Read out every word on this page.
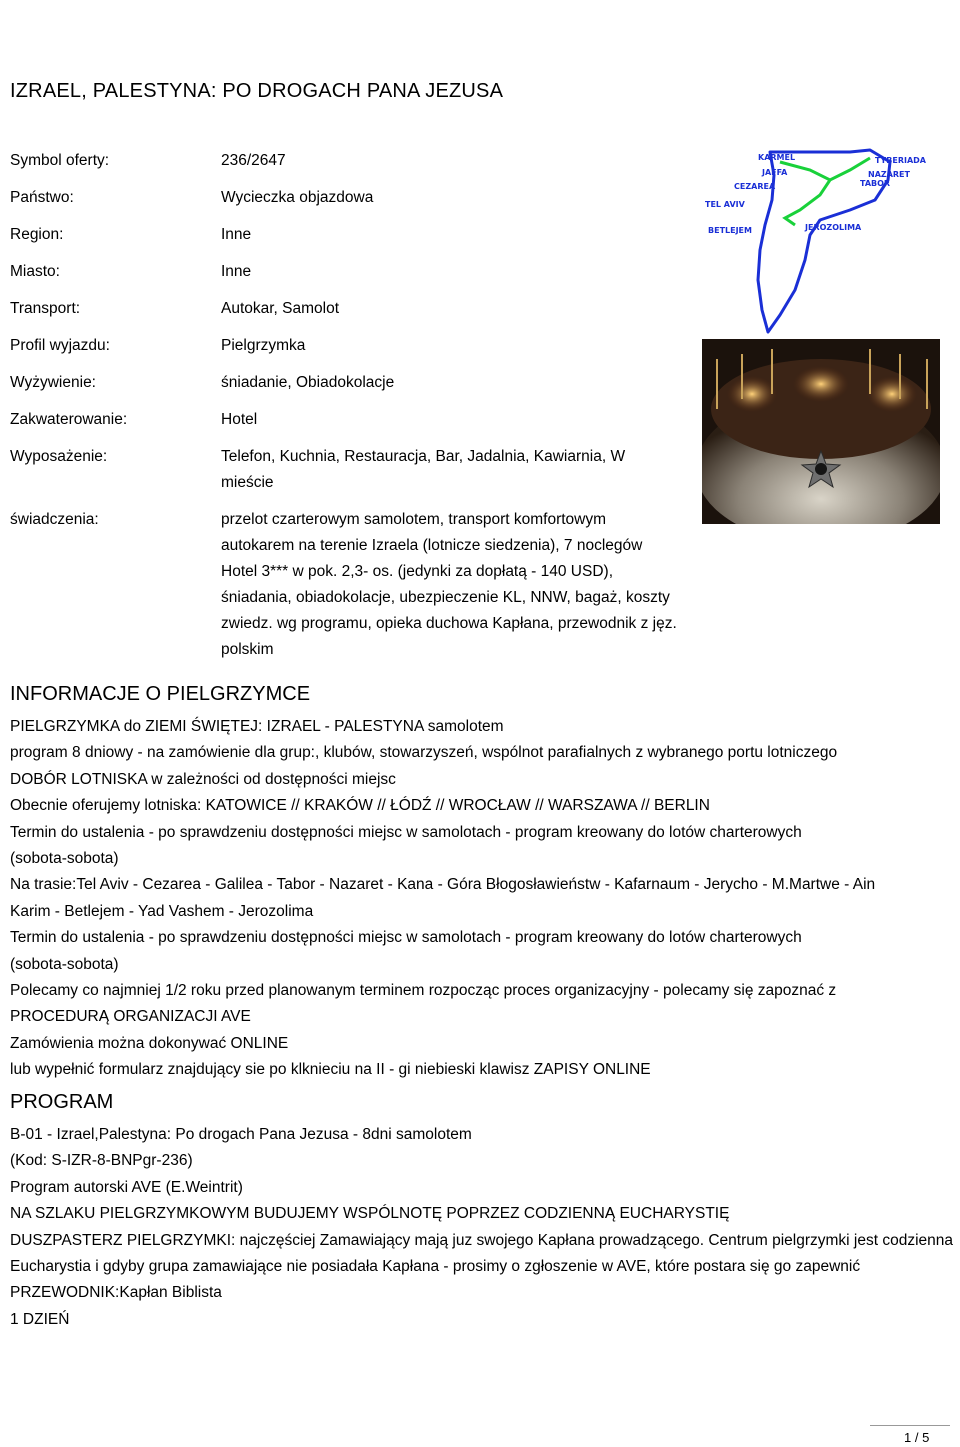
IZRAEL, PALESTYNA: PO DROGACH PANA JEZUSA
Symbol oferty:	236/2647
Państwo:	Wycieczka objazdowa
Region:	Inne
Miasto:	Inne
Transport:	Autokar, Samolot
Profil wyjazdu:	Pielgrzymka
Wyżywienie:	śniadanie, Obiadokolacje
Zakwaterowanie:	Hotel
Wyposażenie:	Telefon, Kuchnia, Restauracja, Bar, Jadalnia, Kawiarnia, W mieście
świadczenia:	przelot czarterowym samolotem, transport komfortowym autokarem na terenie Izraela (lotnicze siedzenia), 7 noclegów Hotel 3*** w pok. 2,3- os. (jedynki za dopłatą - 140 USD), śniadania, obiadokolacje, ubezpieczenie KL, NNW, bagaż, koszty zwiedz. wg programu, opieka duchowa Kapłana, przewodnik z jęz. polskim
KARMEL	TYBERIADA
JAFFA	NAZARET
CEZAREA	TABOR
TEL AVIV
BETLEJEM	JEROZOLIMA
INFORMACJE O PIELGRZYMCE
PIELGRZYMKA do ZIEMI ŚWIĘTEJ: IZRAEL - PALESTYNA samolotem
program 8 dniowy - na zamówienie dla grup:, klubów, stowarzyszeń, wspólnot parafialnych z wybranego portu lotniczego
DOBÓR LOTNISKA w zależności od dostępności miejsc
Obecnie oferujemy lotniska: KATOWICE // KRAKÓW // ŁÓDŹ // WROCŁAW // WARSZAWA // BERLIN
Termin do ustalenia - po sprawdzeniu dostępności miejsc w samolotach - program kreowany do lotów charterowych
(sobota-sobota)
Na trasie:Tel Aviv - Cezarea - Galilea - Tabor - Nazaret - Kana - Góra Błogosławieństw - Kafarnaum - Jerycho - M.Martwe - Ain
Karim - Betlejem - Yad Vashem - Jerozolima
Termin do ustalenia - po sprawdzeniu dostępności miejsc w samolotach - program kreowany do lotów charterowych
(sobota-sobota)
Polecamy co najmniej 1/2 roku przed planowanym terminem rozpocząc proces organizacyjny - polecamy się zapoznać z
PROCEDURĄ ORGANIZACJI AVE
Zamówienia można dokonywać ONLINE
lub wypełnić formularz znajdujący sie po klknieciu na II - gi niebieski klawisz ZAPISY ONLINE
PROGRAM
B-01 - Izrael,Palestyna: Po drogach Pana Jezusa - 8dni samolotem
(Kod: S-IZR-8-BNPgr-236)
Program autorski AVE (E.Weintrit)
NA SZLAKU PIELGRZYMKOWYM BUDUJEMY WSPÓLNOTĘ POPRZEZ CODZIENNĄ EUCHARYSTIĘ
DUSZPASTERZ PIELGRZYMKI: najczęściej Zamawiający mają juz swojego Kapłana prowadzącego. Centrum pielgrzymki jest codzienna Eucharystia i gdyby grupa zamawiające nie posiadała Kapłana - prosimy o zgłoszenie w AVE, które postara się go zapewnić
PRZEWODNIK:Kapłan Biblista
1 DZIEŃ
1 / 5
